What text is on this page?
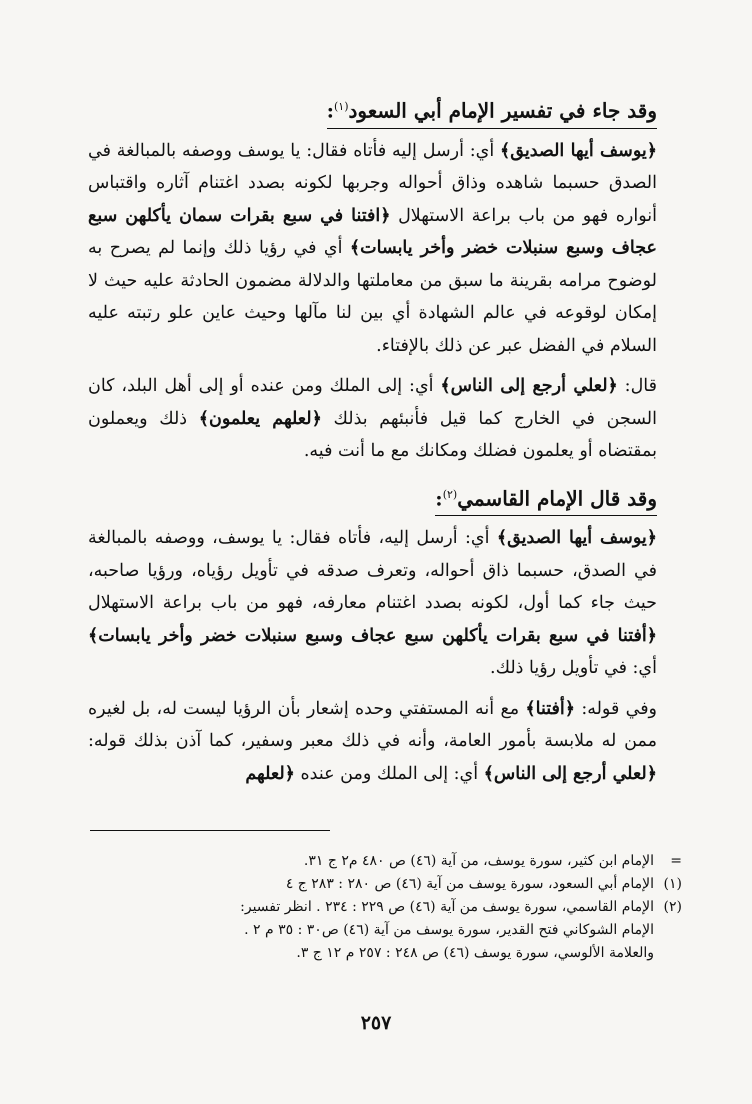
وقد جاء في تفسير الإمام أبي السعود$^{(١)}$:

﴿يوسف أيها الصديق﴾ أي: أرسل إليه فأتاه فقال: يا يوسف ووصفه بالمبالغة في الصدق حسبما شاهده وذاق أحواله وجربها لكونه بصدد اغتنام آثاره واقتباس أنواره فهو من باب براعة الاستهلال ﴿افتنا في سبع بقرات سمان يأكلهن سبع عجاف وسبع سنبلات خضر وأخر يابسات﴾ أي في رؤيا ذلك وإنما لم يصرح به لوضوح مرامه بقرينة ما سبق من معاملتها والدلالة مضمون الحادثة عليه حيث لا إمكان لوقوعه في عالم الشهادة أي بين لنا مآلها وحيث عاين علو رتبته عليه السلام في الفضل عبر عن ذلك بالإفتاء.

قال: ﴿لعلي أرجع إلى الناس﴾ أي: إلى الملك ومن عنده أو إلى أهل البلد، كان السجن في الخارج كما قيل فأنبئهم بذلك ﴿لعلهم يعلمون﴾ ذلك ويعملون بمقتضاه أو يعلمون فضلك ومكانك مع ما أنت فيه.

وقد قال الإمام القاسمي$^{(٢)}$:

﴿يوسف أيها الصديق﴾ أي: أرسل إليه، فأتاه فقال: يا يوسف، ووصفه بالمبالغة في الصدق، حسبما ذاق أحواله، وتعرف صدقه في تأويل رؤياه، ورؤيا صاحبه، حيث جاء كما أول، لكونه بصدد اغتنام معارفه، فهو من باب براعة الاستهلال ﴿أفتنا في سبع بقرات يأكلهن سبع عجاف وسبع سنبلات خضر وأخر يابسات﴾ أي: في تأويل رؤيا ذلك.

وفي قوله: ﴿أفتنا﴾ مع أنه المستفتي وحده إشعار بأن الرؤيا ليست له، بل لغيره ممن له ملابسة بأمور العامة، وأنه في ذلك معبر وسفير، كما آذن بذلك قوله: ﴿لعلي أرجع إلى الناس﴾ أي: إلى الملك ومن عنده ﴿لعلهم

=الإمام ابن كثير، سورة يوسف، من آية (٤٦) ص ٤٨٠ م٢ ج ٣١.

(١)الإمام أبي السعود، سورة يوسف من آية (٤٦) ص ٢٨٠ : ٢٨٣ ج ٤

(٢)الإمام القاسمي، سورة يوسف من آية (٤٦) ص ٢٢٩ : ٢٣٤ . انظر تفسير:

الإمام الشوكاني فتح القدير، سورة يوسف من آية (٤٦) ص٣٠ : ٣٥ م ٢ .

والعلامة الألوسي، سورة يوسف (٤٦) ص ٢٤٨ : ٢٥٧ م ١٢ ج ٣.

٢٥٧
